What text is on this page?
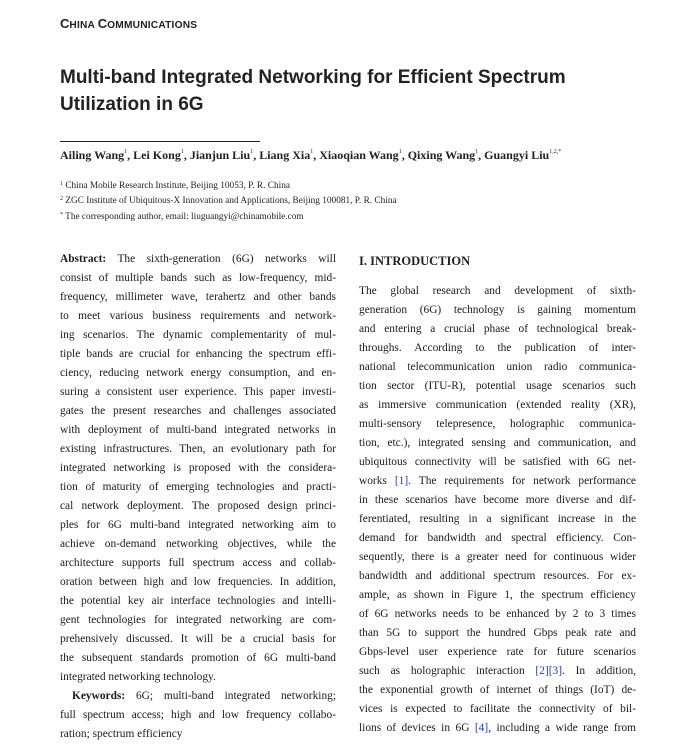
CHINA COMMUNICATIONS
Multi-band Integrated Networking for Efficient Spectrum
Utilization in 6G
Ailing Wang$^1$, Lei Kong$^1$, Jianjun Liu$^1$, Liang Xia$^1$, Xiaoqian Wang$^1$, Qixing Wang$^1$, Guangyi Liu$^{1,2,*}$
$^1$ China Mobile Research Institute, Beijing 10053, P. R. China
$^2$ ZGC Institute of Ubiquitous-X Innovation and Applications, Beijing 100081, P. R. China
* The corresponding author, email: liuguangyi@chinamobile.com
Abstract: The sixth-generation (6G) networks will
consist of multiple bands such as low-frequency, mid-
frequency, millimeter wave, terahertz and other bands
to meet various business requirements and network-
ing scenarios. The dynamic complementarity of mul-
tiple bands are crucial for enhancing the spectrum effi-
ciency, reducing network energy consumption, and en-
suring a consistent user experience. This paper investi-
gates the present researches and challenges associated
with deployment of multi-band integrated networks in
existing infrastructures. Then, an evolutionary path for
integrated networking is proposed with the considera-
tion of maturity of emerging technologies and practi-
cal network deployment. The proposed design princi-
ples for 6G multi-band integrated networking aim to
achieve on-demand networking objectives, while the
architecture supports full spectrum access and collab-
oration between high and low frequencies. In addition,
the potential key air interface technologies and intelli-
gent technologies for integrated networking are com-
prehensively discussed. It will be a crucial basis for
the subsequent standards promotion of 6G multi-band
integrated networking technology.
Keywords: 6G; multi-band integrated networking;
full spectrum access; high and low frequency collabo-
ration; spectrum efficiency
I. INTRODUCTION
The global research and development of sixth-
generation (6G) technology is gaining momentum
and entering a crucial phase of technological break-
throughs. According to the publication of inter-
national telecommunication union radio communica-
tion sector (ITU-R), potential usage scenarios such
as immersive communication (extended reality (XR),
multi-sensory telepresence, holographic communica-
tion, etc.), integrated sensing and communication, and
ubiquitous connectivity will be satisfied with 6G net-
works [1]. The requirements for network performance
in these scenarios have become more diverse and dif-
ferentiated, resulting in a significant increase in the
demand for bandwidth and spectral efficiency. Con-
sequently, there is a greater need for continuous wider
bandwidth and additional spectrum resources. For ex-
ample, as shown in Figure 1, the spectrum efficiency
of 6G networks needs to be enhanced by 2 to 3 times
than 5G to support the hundred Gbps peak rate and
Gbps-level user experience rate for future scenarios
such as holographic interaction [2][3]. In addition,
the exponential growth of internet of things (IoT) de-
vices is expected to facilitate the connectivity of bil-
lions of devices in 6G [4], including a wide range from
